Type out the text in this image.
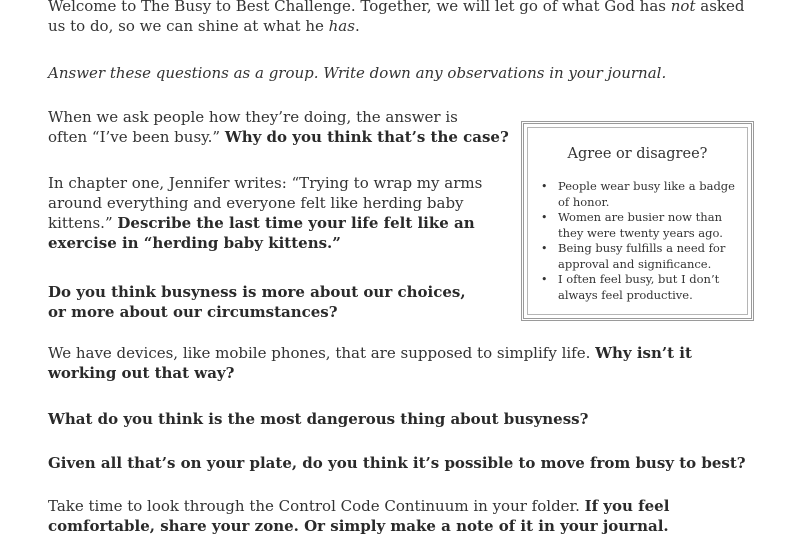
Welcome to The Busy to Best Challenge. Together, we will let go of what God has not asked
us to do, so we can shine at what he has.

Answer these questions as a group. Write down any observations in your journal.

When we ask people how they’re doing, the answer is
often “I’ve been busy.” Why do you think that’s the case?

In chapter one, Jennifer writes: “Trying to wrap my arms
around everything and everyone felt like herding baby
kittens.” Describe the last time your life felt like an
exercise in “herding baby kittens.”

Do you think busyness is more about our choices,
or more about our circumstances?

We have devices, like mobile phones, that are supposed to simplify life. Why isn’t it
working out that way?

What do you think is the most dangerous thing about busyness?

Given all that’s on your plate, do you think it’s possible to move from busy to best?

Take time to look through the Control Code Continuum in your folder. If you feel
comfortable, share your zone. Or simply make a note of it in your journal.

Agree or disagree?
• People wear busy like a badge
of honor.
• Women are busier now than
they were twenty years ago.
• Being busy fulfills a need for
approval and significance.
• I often feel busy, but I don’t
always feel productive.
